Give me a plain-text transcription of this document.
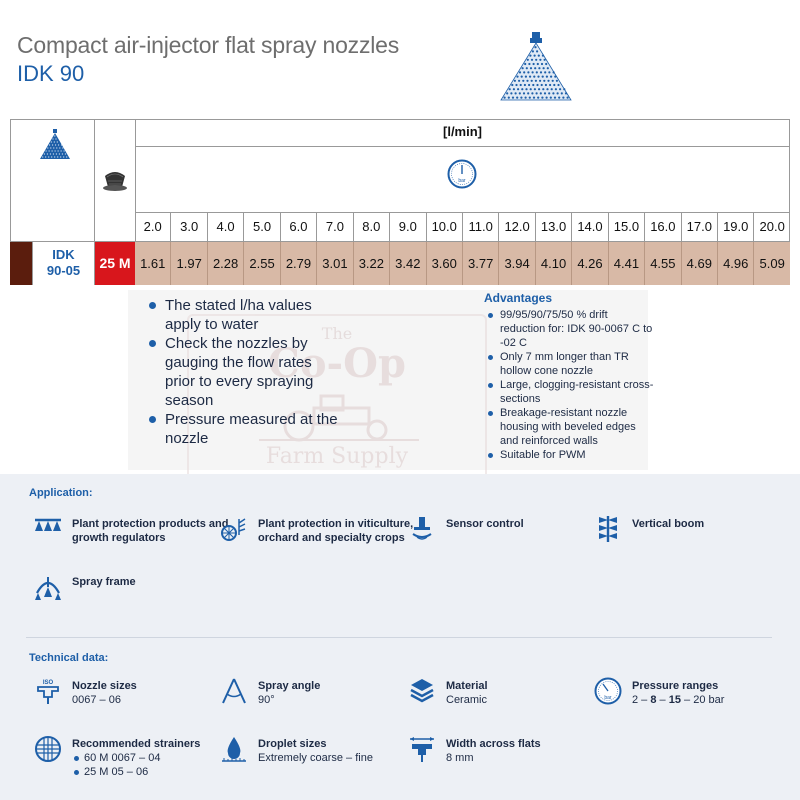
Compact air-injector flat spray nozzles
IDK 90
[l/min]
bar
2.0	3.0	4.0	5.0	6.0	7.0	8.0	9.0	10.0 11.0 12.0 13.0 14.0 15.0 16.0 17.0 19.0 20.0
IDK
90-05	25 M 1.61 1.97 2.28 2.55 2.79 3.01 3.22 3.42 3.60 3.77 3.94 4.10 4.26 4.41 4.55 4.69 4.96 5.09
The
Co-Op
Farm Supply
The stated l/ha values apply to water
Check the nozzles by gauging the flow rates prior to every spraying season
Pressure measured at the nozzle
Advantages
99/95/90/75/50 % drift reduction for: IDK 90-0067 C to -02 C
Only 7 mm longer than TR hollow cone nozzle
Large, clogging-resistant cross-sections
Breakage-resistant nozzle housing with beveled edges and reinforced walls
Suitable for PWM
Application:
Plant protection products and growth regulators
Plant protection in viticulture, orchard and specialty crops
Sensor control	Vertical boom
Spray frame
Technical data:
ISO Nozzle sizes
0067 – 06
Spray angle
90°
Material
Ceramic	bar
Pressure ranges
2 – 8 – 15 – 20 bar
Recommended strainers
60 M 0067 – 04
25 M 05 – 06
Droplet sizes
Extremely coarse – fine
Width across flats
8 mm
